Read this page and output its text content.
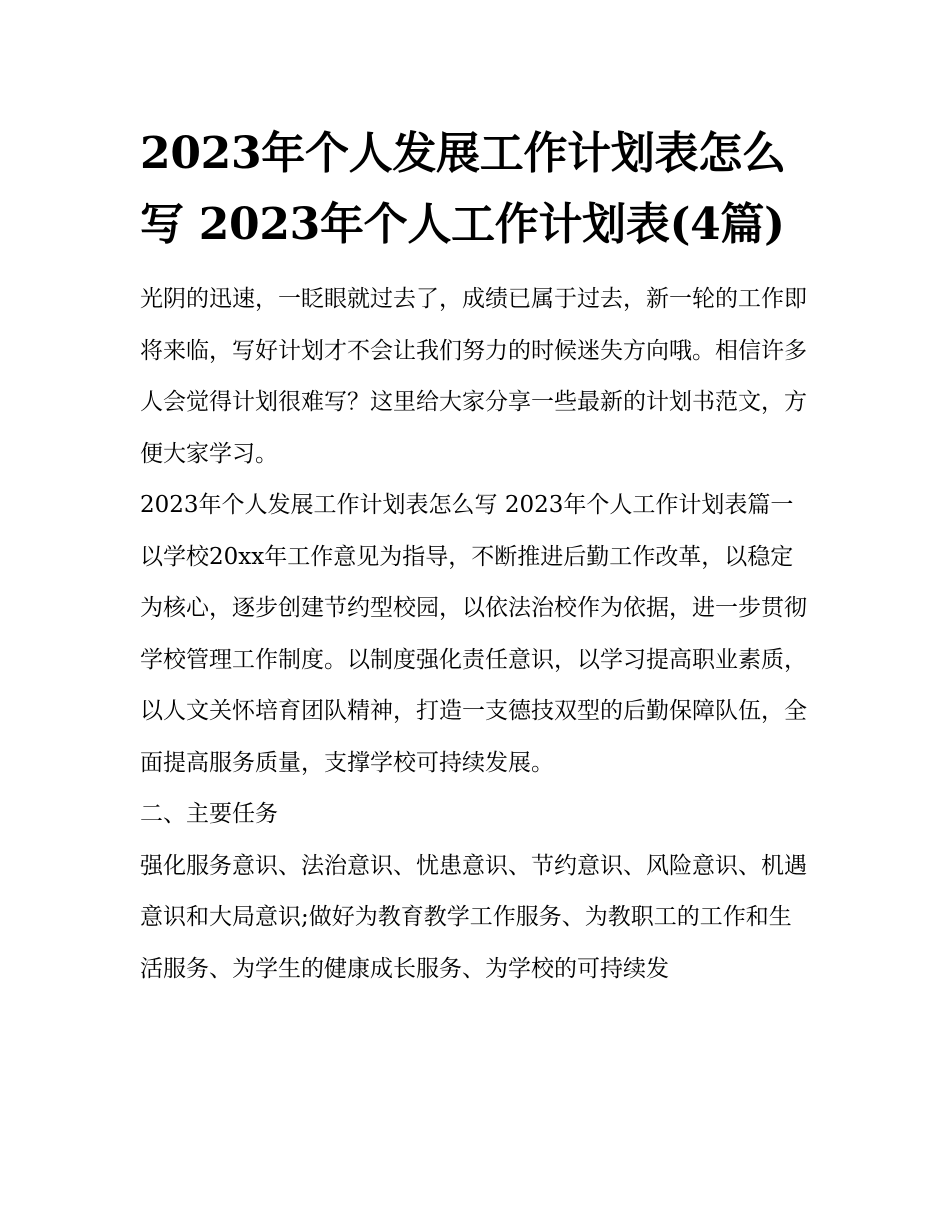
2023年个人发展工作计划表怎么写 2023年个人工作计划表(4篇)

光阴的迅速，一眨眼就过去了，成绩已属于过去，新一轮的工作即将来临，写好计划才不会让我们努力的时候迷失方向哦。相信许多人会觉得计划很难写？这里给大家分享一些最新的计划书范文，方便大家学习。

2023年个人发展工作计划表怎么写 2023年个人工作计划表篇一

以学校20xx年工作意见为指导，不断推进后勤工作改革，以稳定为核心，逐步创建节约型校园，以依法治校作为依据，进一步贯彻学校管理工作制度。以制度强化责任意识，以学习提高职业素质，以人文关怀培育团队精神，打造一支德技双型的后勤保障队伍，全面提高服务质量，支撑学校可持续发展。

二、主要任务

强化服务意识、法治意识、忧患意识、节约意识、风险意识、机遇意识和大局意识;做好为教育教学工作服务、为教职工的工作和生活服务、为学生的健康成长服务、为学校的可持续发
